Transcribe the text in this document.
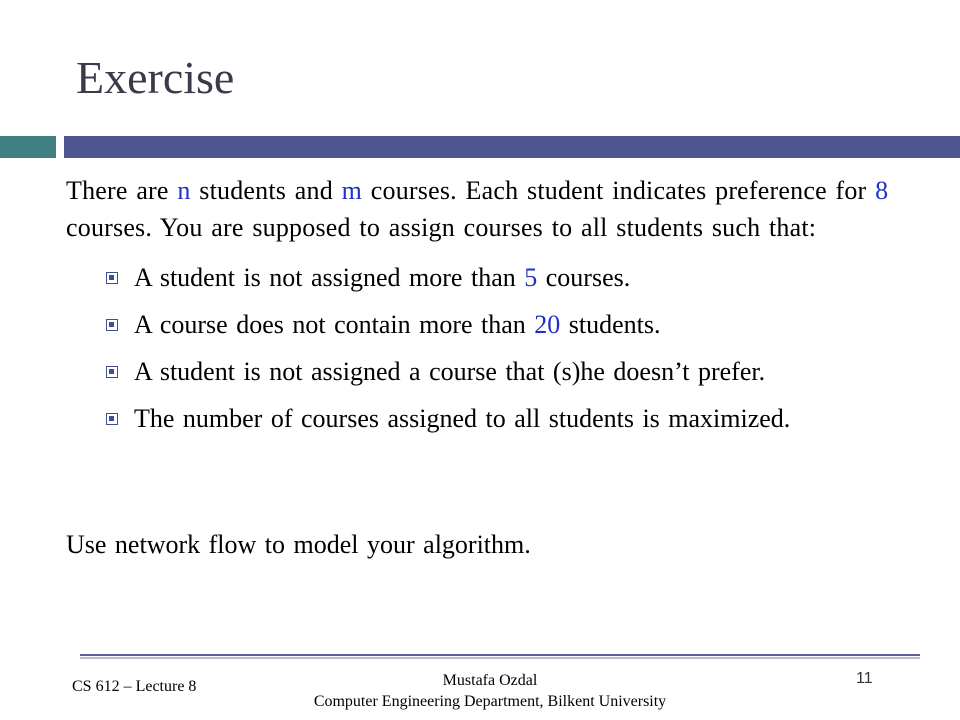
Exercise

There are n students and m courses. Each student indicates preference for 8 courses. You are supposed to assign courses to all students such that:

A student is not assigned more than 5 courses.
A course does not contain more than 20 students.
A student is not assigned a course that (s)he doesn’t prefer.
The number of courses assigned to all students is maximized.

Use network flow to model your algorithm.

CS 612 – Lecture 8	Mustafa Ozdal
Computer Engineering Department, Bilkent University
11
